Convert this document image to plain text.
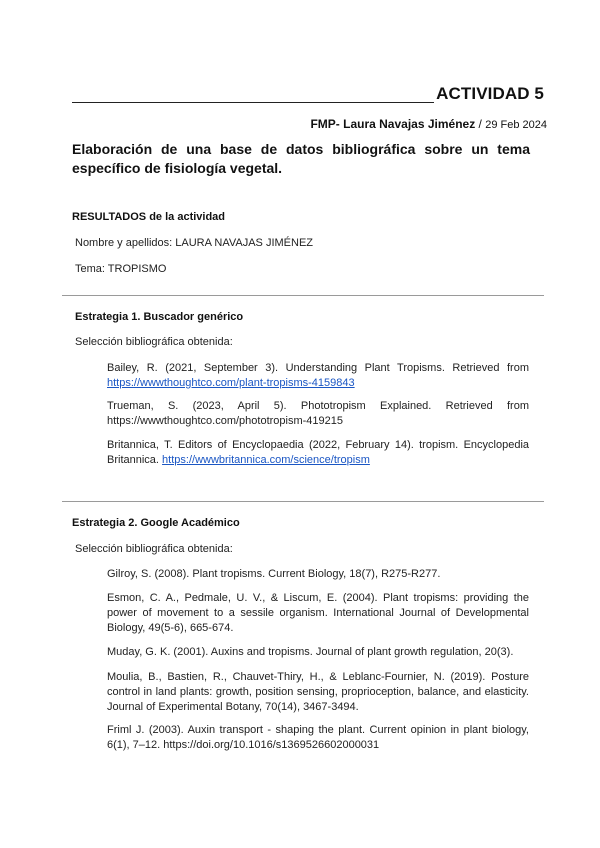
ACTIVIDAD 5
FMP- Laura Navajas Jiménez / 29 Feb 2024
Elaboración de una base de datos bibliográfica sobre un tema específico de fisiología vegetal.
RESULTADOS de la actividad
Nombre y apellidos: LAURA NAVAJAS JIMÉNEZ
Tema: TROPISMO
Estrategia 1. Buscador genérico
Selección bibliográfica obtenida:
Bailey, R. (2021, September 3). Understanding Plant Tropisms. Retrieved from
https://wwwthoughtco.com/plant-tropisms-4159843
Trueman, S. (2023, April 5). Phototropism Explained. Retrieved from
https://wwwthoughtco.com/phototropism-419215
Britannica, T. Editors of Encyclopaedia (2022, February 14). tropism. Encyclopedia
Britannica. https://wwwbritannica.com/science/tropism
Estrategia 2. Google Académico
Selección bibliográfica obtenida:
Gilroy, S. (2008). Plant tropisms. Current Biology, 18(7), R275-R277.
Esmon, C. A., Pedmale, U. V., & Liscum, E. (2004). Plant tropisms: providing the power of movement to a sessile organism. International Journal of Developmental Biology, 49(5-6), 665-674.
Muday, G. K. (2001). Auxins and tropisms. Journal of plant growth regulation, 20(3).
Moulia, B., Bastien, R., Chauvet-Thiry, H., & Leblanc-Fournier, N. (2019). Posture control in land plants: growth, position sensing, proprioception, balance, and elasticity. Journal of Experimental Botany, 70(14), 3467-3494.
Friml J. (2003). Auxin transport - shaping the plant. Current opinion in plant biology, 6(1), 7–12. https://doi.org/10.1016/s1369526602000031
